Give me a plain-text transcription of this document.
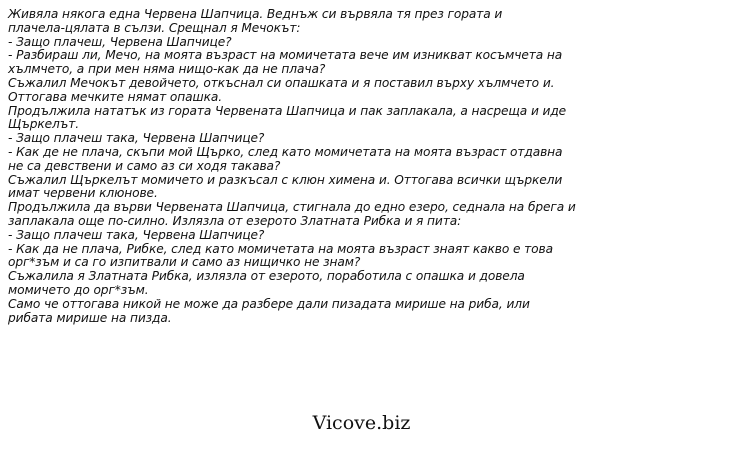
Живяла някога една Червена Шапчица. Веднъж си вървяла тя през гората и
плачела-цялата в сълзи. Срещнал я Мечокът:
- Защо плачеш, Червена Шапчице?
- Разбираш ли, Мечо, на моята възраст на момичетата вече им изникват косъмчета на
хълмчето, а при мен няма нищо-как да не плача?
Съжалил Мечокът девойчето, откъснал си опашката и я поставил върху хълмчето и.
Оттогава мечките нямат опашка.
Продължила нататък из гората Червената Шапчица и пак заплакала, а насреща и иде
Щъркелът.
- Защо плачеш така, Червена Шапчице?
- Как де не плача, скъпи мой Щърко, след като момичетата на моята възраст отдавна
не са девствени и само аз си ходя такава?
Съжалил Щъркелът момичето и разкъсал с клюн химена и. Оттогава всички щъркели
имат червени клюнове.
Продължила да върви Червената Шапчица, стигнала до едно езеро, седнала на брега и
заплакала още по-силно. Излязла от езерото Златната Рибка и я пита:
- Защо плачеш така, Червена Шапчице?
- Как да не плача, Рибке, след като момичетата на моята възраст знаят какво е това
орг*зъм и са го изпитвали и само аз нищичко не знам?
Съжалила я Златната Рибка, излязла от езерото, поработила с опашка и довела
момичето до орг*зъм.
Само че оттогава никой не може да разбере дали пизадата мирише на риба, или
рибата мирише на пизда.
Vicove.biz
